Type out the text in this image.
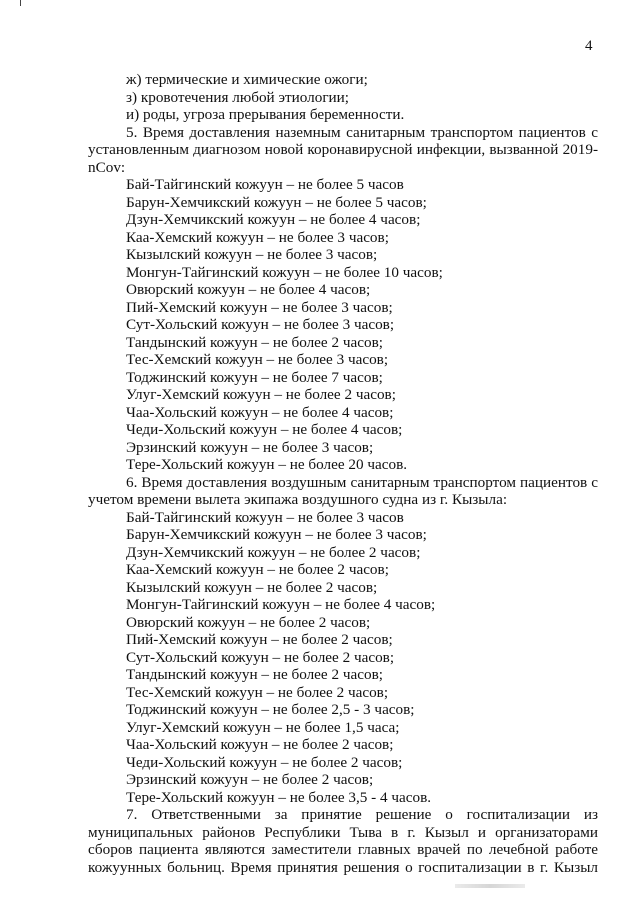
4
ж) термические и химические ожоги;
з) кровотечения любой этиологии;
и) роды, угроза прерывания беременности.
5. Время доставления наземным санитарным транспортом пациентов с
установленным диагнозом новой коронавирусной инфекции, вызванной 2019-
nCov:
Бай-Тайгинский кожуун – не более 5 часов
Барун-Хемчикский кожуун – не более 5 часов;
Дзун-Хемчикский кожуун – не более 4 часов;
Каа-Хемский кожуун – не более 3 часов;
Кызылский кожуун – не более 3 часов;
Монгун-Тайгинский кожуун – не более 10 часов;
Овюрский кожуун – не более 4 часов;
Пий-Хемский кожуун – не более 3 часов;
Сут-Хольский кожуун – не более 3 часов;
Тандынский кожуун – не более 2 часов;
Тес-Хемский кожуун – не более 3 часов;
Тоджинский кожуун – не более 7 часов;
Улуг-Хемский кожуун – не более 2 часов;
Чаа-Хольский кожуун – не более 4 часов;
Чеди-Хольский кожуун – не более 4 часов;
Эрзинский кожуун – не более 3 часов;
Тере-Хольский кожуун – не более 20 часов.
6. Время доставления воздушным санитарным транспортом пациентов с
учетом времени вылета экипажа воздушного судна из г. Кызыла:
Бай-Тайгинский кожуун – не более 3 часов
Барун-Хемчикский кожуун – не более 3 часов;
Дзун-Хемчикский кожуун – не более 2 часов;
Каа-Хемский кожуун – не более 2 часов;
Кызылский кожуун – не более 2 часов;
Монгун-Тайгинский кожуун – не более 4 часов;
Овюрский кожуун – не более 2 часов;
Пий-Хемский кожуун – не более 2 часов;
Сут-Хольский кожуун – не более 2 часов;
Тандынский кожуун – не более 2 часов;
Тес-Хемский кожуун – не более 2 часов;
Тоджинский кожуун – не более 2,5 - 3 часов;
Улуг-Хемский кожуун – не более 1,5 часа;
Чаа-Хольский кожуун – не более 2 часов;
Чеди-Хольский кожуун – не более 2 часов;
Эрзинский кожуун – не более 2 часов;
Тере-Хольский кожуун – не более 3,5 - 4 часов.
7. Ответственными за принятие решение о госпитализации из
муниципальных районов Республики Тыва в г. Кызыл и организаторами
сборов пациента являются заместители главных врачей по лечебной работе
кожуунных больниц. Время принятия решения о госпитализации в г. Кызыл
